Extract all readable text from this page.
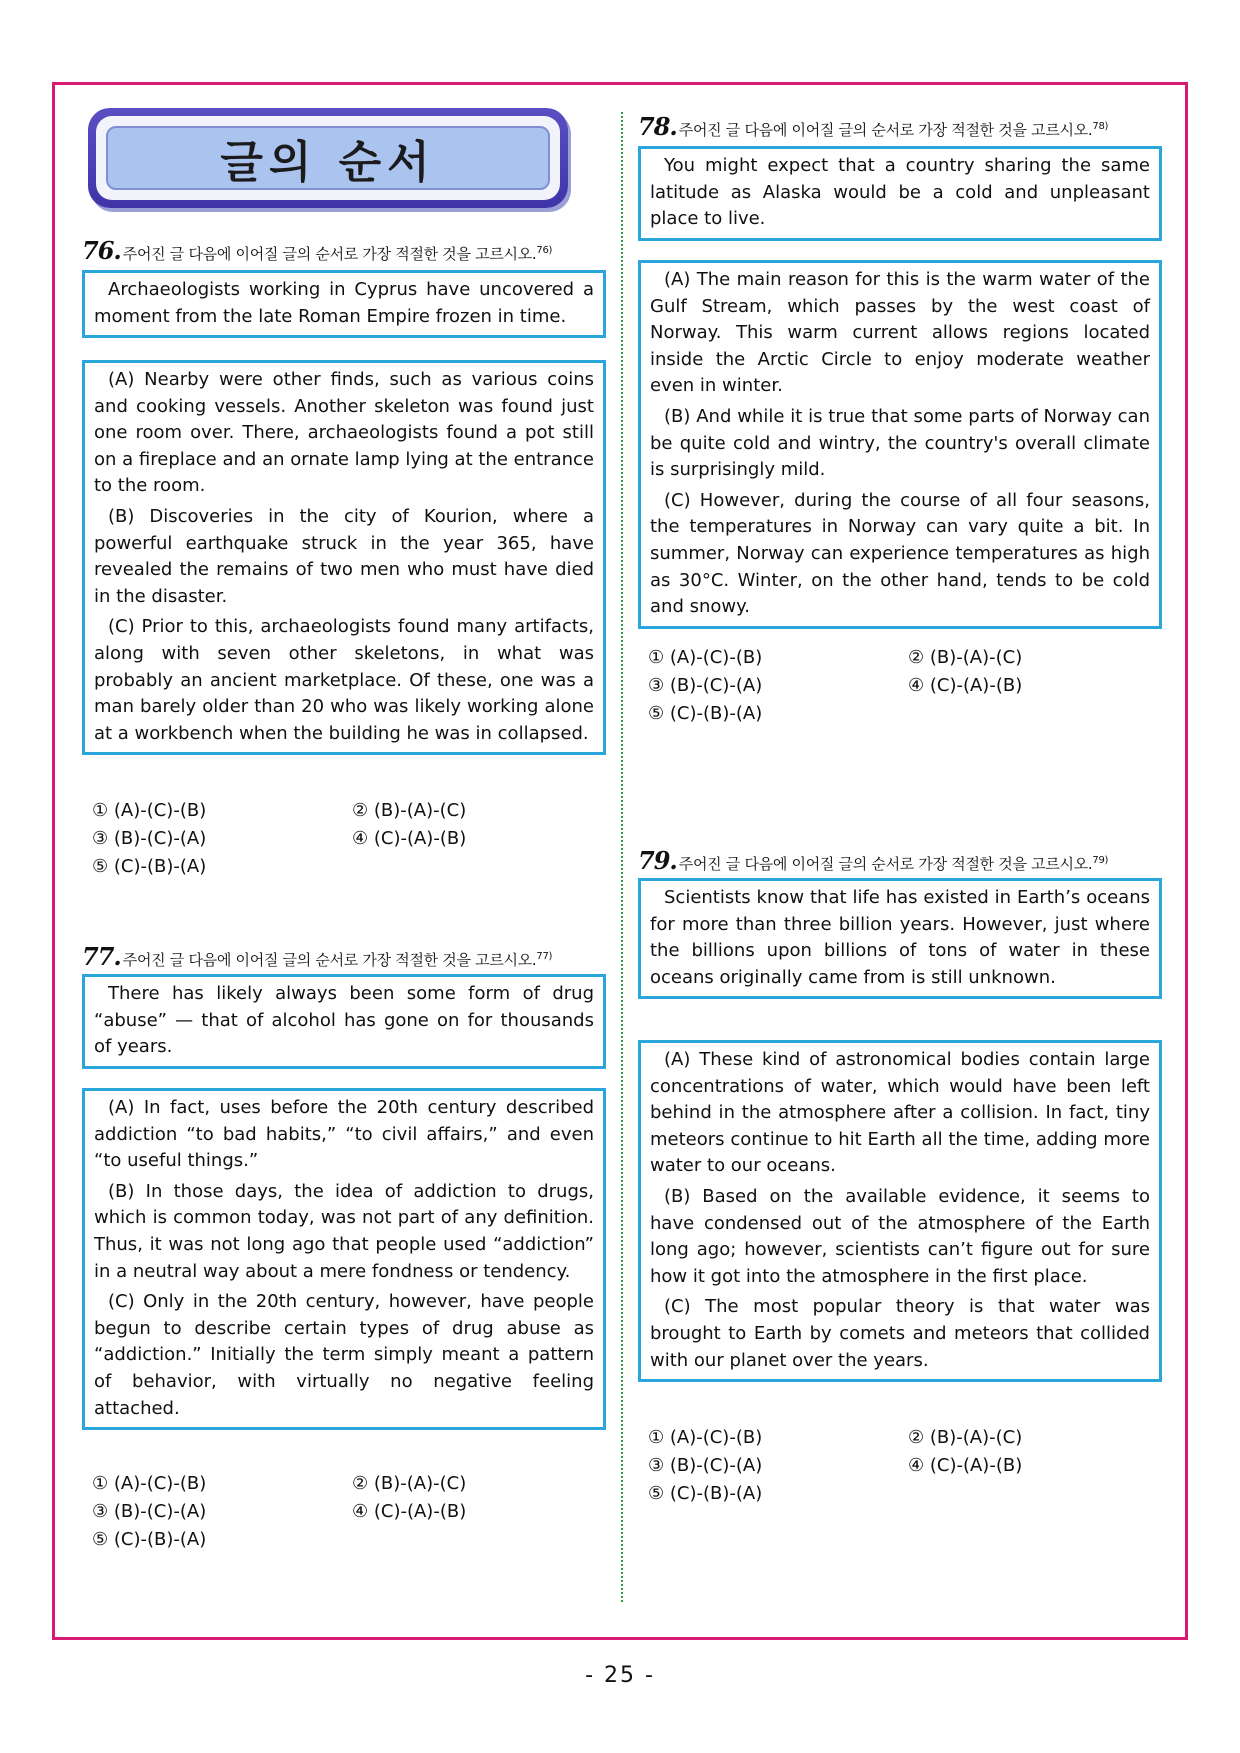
글의 순서
76. 주어진 글 다음에 이어질 글의 순서로 가장 적절한 것을 고르시오.$^{76)}$

Archaeologists working in Cyprus have uncovered a moment from the late Roman Empire frozen in time.

(A) Nearby were other finds, such as various coins and cooking vessels. Another skeleton was found just one room over. There, archaeologists found a pot still on a fireplace and an ornate lamp lying at the entrance to the room.

(B) Discoveries in the city of Kourion, where a powerful earthquake struck in the year 365, have revealed the remains of two men who must have died in the disaster.

(C) Prior to this, archaeologists found many artifacts, along with seven other skeletons, in what was probably an ancient marketplace. Of these, one was a man barely older than 20 who was likely working alone at a workbench when the building he was in collapsed.

① (A)-(C)-(B)	② (B)-(A)-(C)
③ (B)-(C)-(A)	④ (C)-(A)-(B)
⑤ (C)-(B)-(A)
77. 주어진 글 다음에 이어질 글의 순서로 가장 적절한 것을 고르시오.$^{77)}$

There has likely always been some form of drug “abuse” — that of alcohol has gone on for thousands of years.

(A) In fact, uses before the 20th century described addiction “to bad habits,” “to civil affairs,” and even “to useful things.”

(B) In those days, the idea of addiction to drugs, which is common today, was not part of any definition. Thus, it was not long ago that people used “addiction” in a neutral way about a mere fondness or tendency.

(C) Only in the 20th century, however, have people begun to describe certain types of drug abuse as “addiction.” Initially the term simply meant a pattern of behavior, with virtually no negative feeling attached.

① (A)-(C)-(B)	② (B)-(A)-(C)
③ (B)-(C)-(A)	④ (C)-(A)-(B)
⑤ (C)-(B)-(A)
78. 주어진 글 다음에 이어질 글의 순서로 가장 적절한 것을 고르시오.$^{78)}$

You might expect that a country sharing the same latitude as Alaska would be a cold and unpleasant place to live.

(A) The main reason for this is the warm water of the Gulf Stream, which passes by the west coast of Norway. This warm current allows regions located inside the Arctic Circle to enjoy moderate weather even in winter.

(B) And while it is true that some parts of Norway can be quite cold and wintry, the country's overall climate is surprisingly mild.

(C) However, during the course of all four seasons, the temperatures in Norway can vary quite a bit. In summer, Norway can experience temperatures as high as 30°C. Winter, on the other hand, tends to be cold and snowy.

① (A)-(C)-(B)	② (B)-(A)-(C)
③ (B)-(C)-(A)	④ (C)-(A)-(B)
⑤ (C)-(B)-(A)
79. 주어진 글 다음에 이어질 글의 순서로 가장 적절한 것을 고르시오.$^{79)}$

Scientists know that life has existed in Earth’s oceans for more than three billion years. However, just where the billions upon billions of tons of water in these oceans originally came from is still unknown.

(A) These kind of astronomical bodies contain large concentrations of water, which would have been left behind in the atmosphere after a collision. In fact, tiny meteors continue to hit Earth all the time, adding more water to our oceans.

(B) Based on the available evidence, it seems to have condensed out of the atmosphere of the Earth long ago; however, scientists can’t figure out for sure how it got into the atmosphere in the first place.

(C) The most popular theory is that water was brought to Earth by comets and meteors that collided with our planet over the years.

① (A)-(C)-(B)	② (B)-(A)-(C)
③ (B)-(C)-(A)	④ (C)-(A)-(B)
⑤ (C)-(B)-(A)
- 25 -
